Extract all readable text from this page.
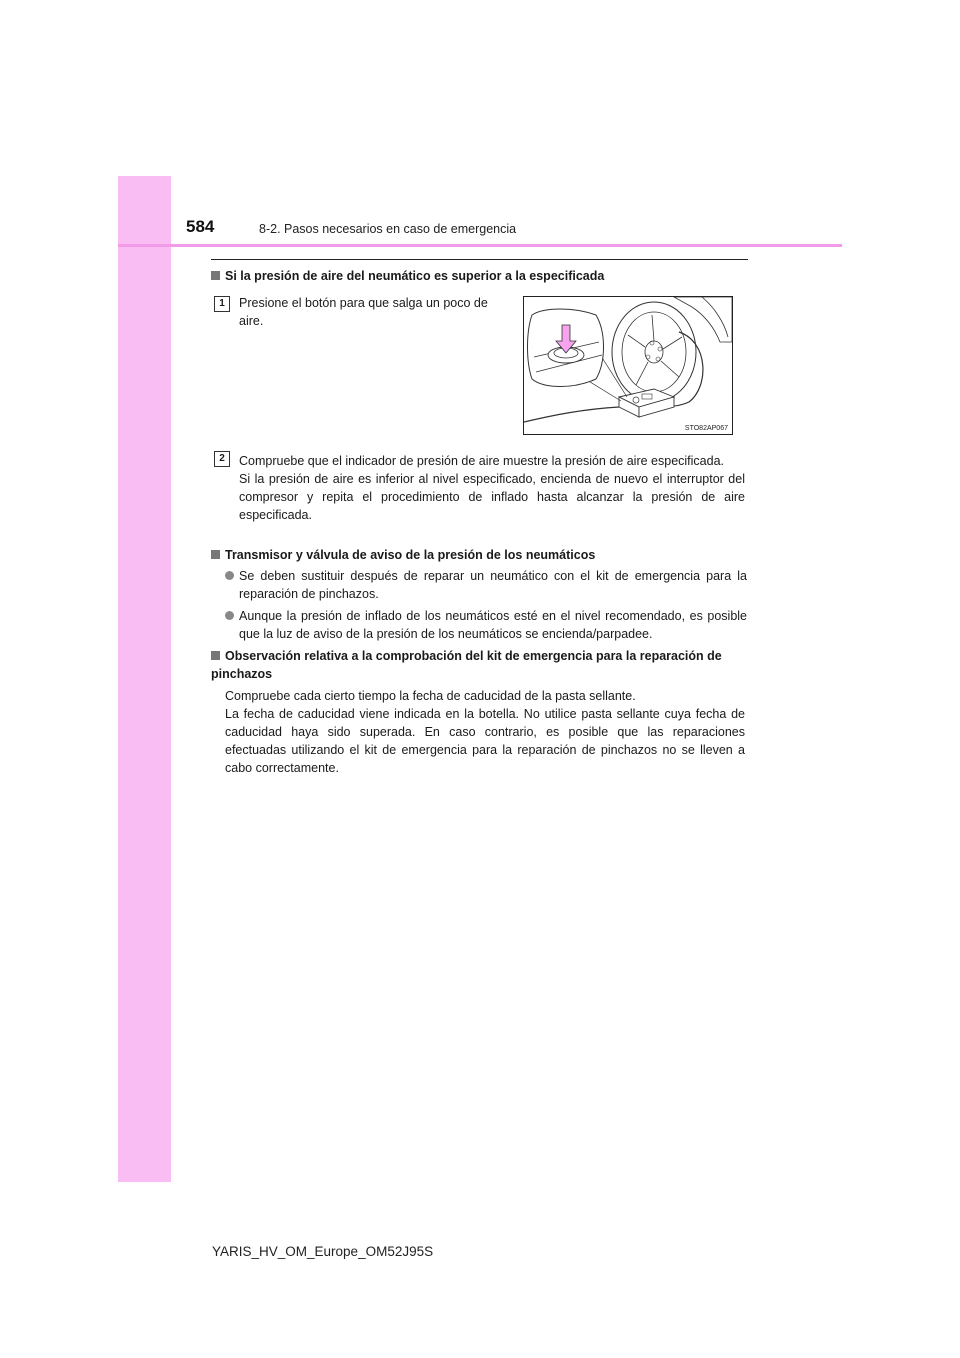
584	8-2. Pasos necesarios en caso de emergencia
Si la presión de aire del neumático es superior a la especificada
1	Presione el botón para que salga un poco de aire.
STO82AP067
2	Compruebe que el indicador de presión de aire muestre la presión de aire especificada.
Si la presión de aire es inferior al nivel especificado, encienda de nuevo el interruptor del compresor y repita el procedimiento de inflado hasta alcanzar la presión de aire especificada.
Transmisor y válvula de aviso de la presión de los neumáticos
Se deben sustituir después de reparar un neumático con el kit de emergencia para la reparación de pinchazos.
Aunque la presión de inflado de los neumáticos esté en el nivel recomendado, es posible que la luz de aviso de la presión de los neumáticos se encienda/parpadee.
Observación relativa a la comprobación del kit de emergencia para la reparación de pinchazos
Compruebe cada cierto tiempo la fecha de caducidad de la pasta sellante.
La fecha de caducidad viene indicada en la botella. No utilice pasta sellante cuya fecha de caducidad haya sido superada. En caso contrario, es posible que las reparaciones efectuadas utilizando el kit de emergencia para la reparación de pinchazos no se lleven a cabo correctamente.
YARIS_HV_OM_Europe_OM52J95S
